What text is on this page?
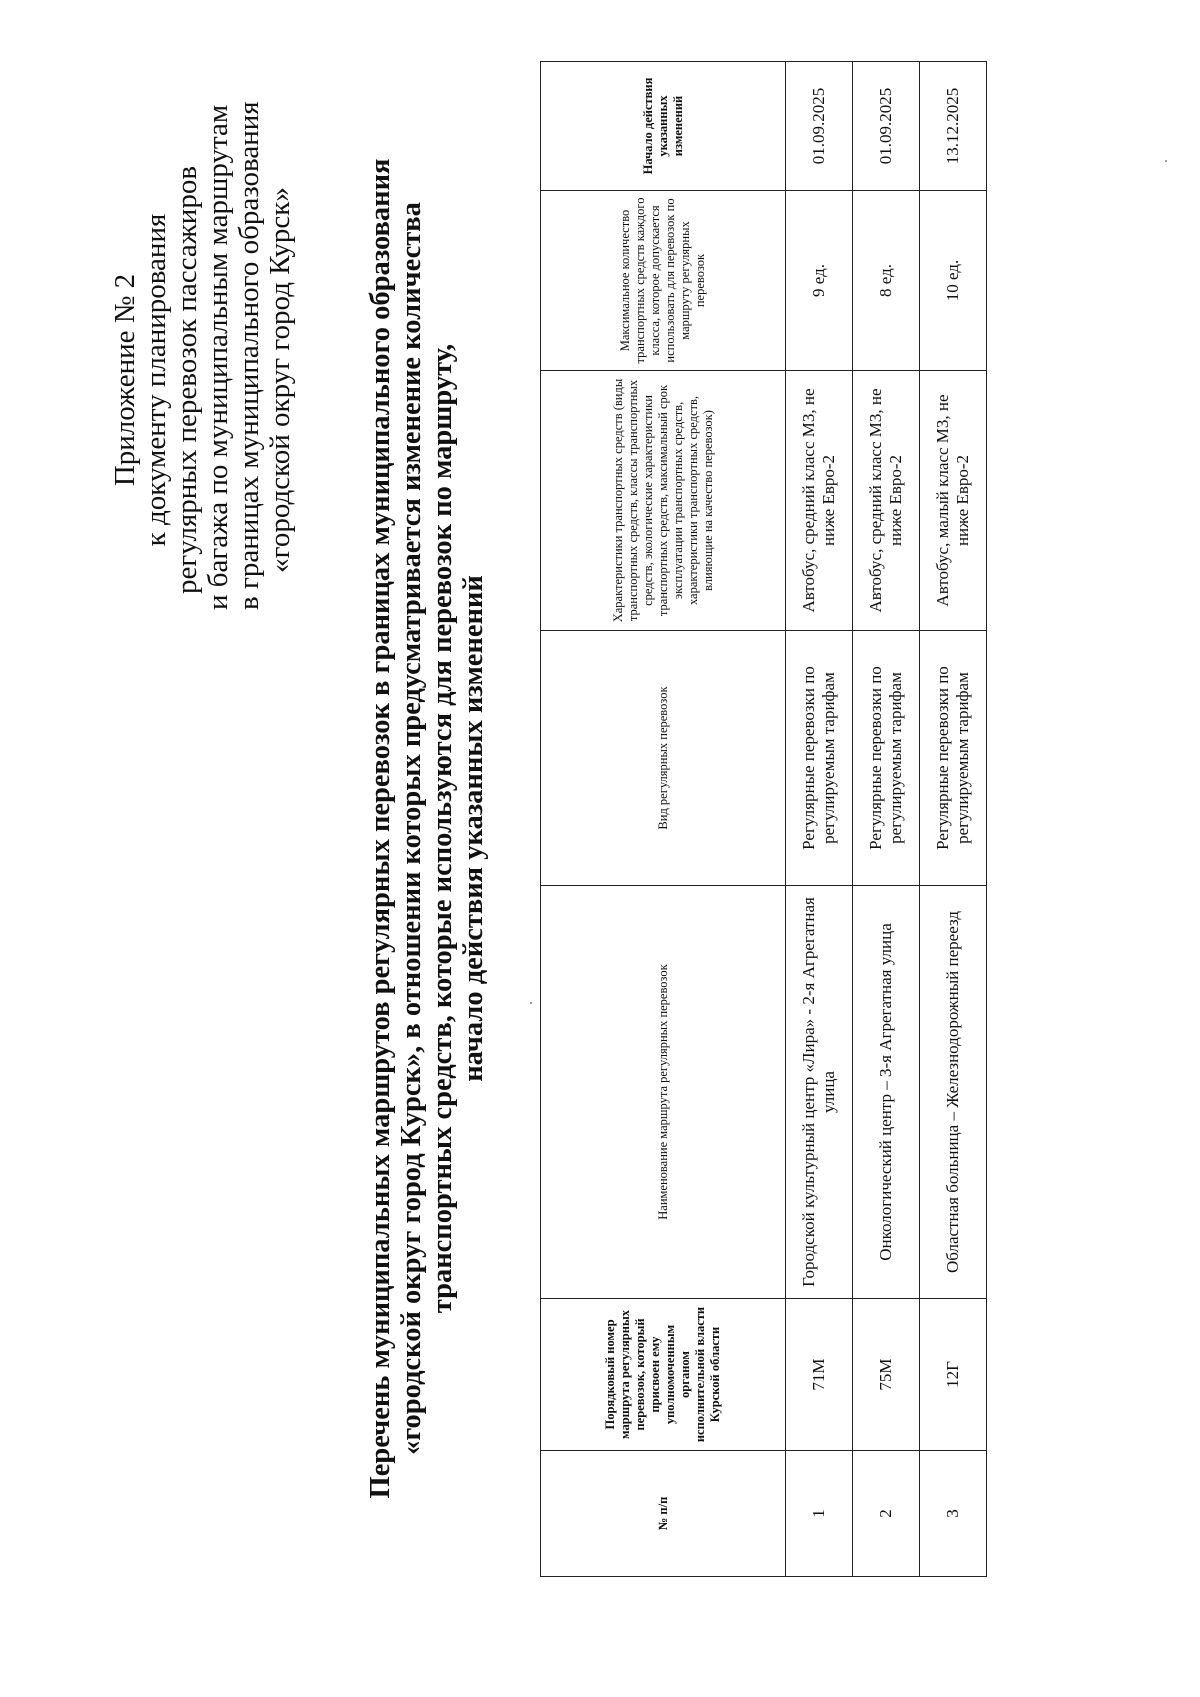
Приложение № 2 к документу планирования регулярных перевозок пассажиров и багажа по муниципальным маршрутам в границах муниципального образования «городской округ город Курск» Перечень муниципальных маршрутов регулярных перевозок в границах муниципального образования «городской округ город Курск», в отношении которых предусматривается изменение количества транспортных средств, которые используются для перевозок по маршруту, начало действия указанных изменений
№ п/п	Порядковый номер маршрута регулярных перевозок, который присвоен ему уполномоченным органом исполнительной власти Курской области	Наименование маршрута регулярных перевозок	Вид регулярных перевозок	Характеристики транспортных средств (виды транспортных средств, классы транспортных средств, экологические характеристики транспортных средств, максимальный срок эксплуатации транспортных средств, характеристики транспортных средств, влияющие на качество перевозок)	Максимальное количество транспортных средств каждого класса, которое допускается использовать для перевозок по маршруту регулярных перевозок	Начало действия указанных изменений
1	71М	Городской культурный центр «Лира» - 2-я Агрегатная улица	Регулярные перевозки по регулируемым тарифам	Автобус, средний класс М3, не ниже Евро-2	9 ед.	01.09.2025
2	75М	Онкологический центр – 3-я Агрегатная улица	Регулярные перевозки по регулируемым тарифам	Автобус, средний класс М3, не ниже Евро-2	8 ед.	01.09.2025
3	12Г	Областная больница – Железнодорожный переезд	Регулярные перевозки по регулируемым тарифам	Автобус, малый класс М3, не ниже Евро-2	10 ед.	13.12.2025
